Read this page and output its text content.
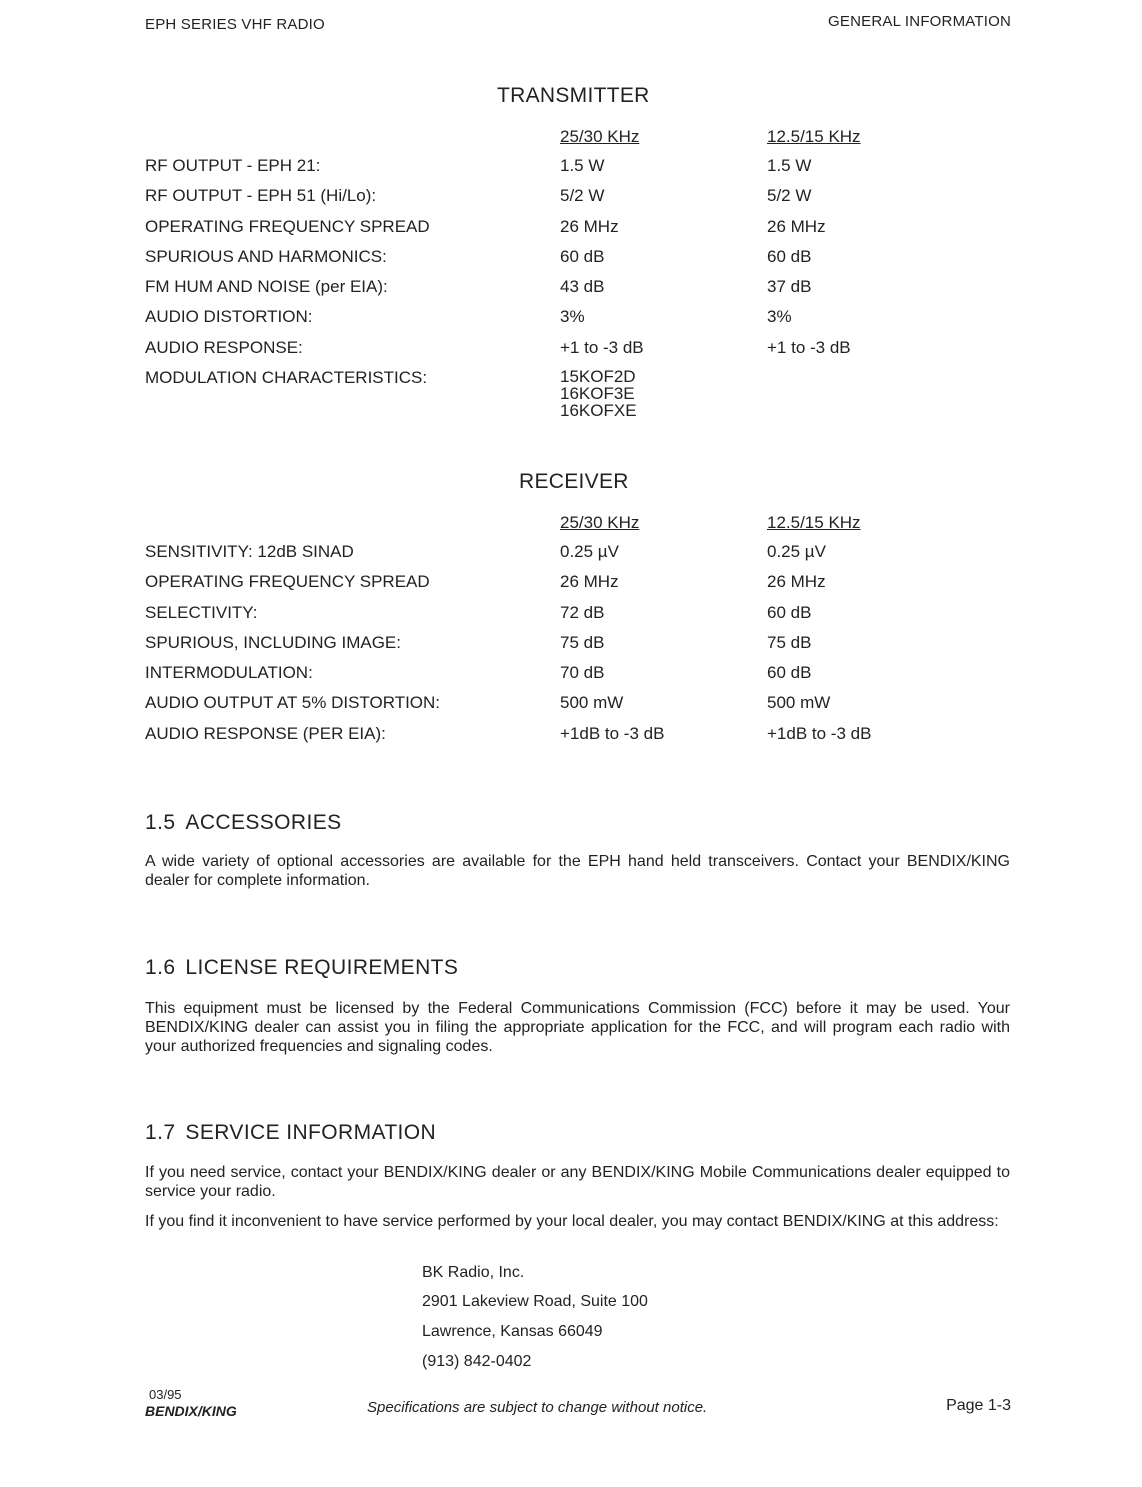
EPH SERIES VHF RADIO	GENERAL INFORMATION
TRANSMITTER
	25/30 KHz	12.5/15 KHz
RF OUTPUT - EPH 21:	1.5 W	1.5 W
RF OUTPUT - EPH 51 (Hi/Lo):	5/2 W	5/2 W
OPERATING FREQUENCY SPREAD	26 MHz	26 MHz
SPURIOUS AND HARMONICS:	60 dB	60 dB
FM HUM AND NOISE (per EIA):	43 dB	37 dB
AUDIO DISTORTION:	3%	3%
AUDIO RESPONSE:	+1 to -3 dB	+1 to -3 dB
MODULATION CHARACTERISTICS:	15KOF2D
16KOF3E
16KOFXE	

RECEIVER
	25/30 KHz	12.5/15 KHz
SENSITIVITY: 12dB SINAD	0.25 µV	0.25 µV
OPERATING FREQUENCY SPREAD	26 MHz	26 MHz
SELECTIVITY:	72 dB	60 dB
SPURIOUS, INCLUDING IMAGE:	75 dB	75 dB
INTERMODULATION:	70 dB	60 dB
AUDIO OUTPUT AT 5% DISTORTION:	500 mW	500 mW
AUDIO RESPONSE (PER EIA):	+1dB to -3 dB	+1dB to -3 dB
1.5 ACCESSORIES
A wide variety of optional accessories are available for the EPH hand held transceivers. Contact your BENDIX/KING dealer for complete information.
1.6 LICENSE REQUIREMENTS
This equipment must be licensed by the Federal Communications Commission (FCC) before it may be used. Your BENDIX/KING dealer can assist you in filing the appropriate application for the FCC, and will program each radio with your authorized frequencies and signaling codes.
1.7 SERVICE INFORMATION
If you need service, contact your BENDIX/KING dealer or any BENDIX/KING Mobile Communications dealer equipped to service your radio.
If you find it inconvenient to have service performed by your local dealer, you may contact BENDIX/KING at this address:
BK Radio, Inc.
2901 Lakeview Road, Suite 100
Lawrence, Kansas 66049
(913) 842-0402
03/95
BENDIX/KING	Specifications are subject to change without notice.	Page 1-3
